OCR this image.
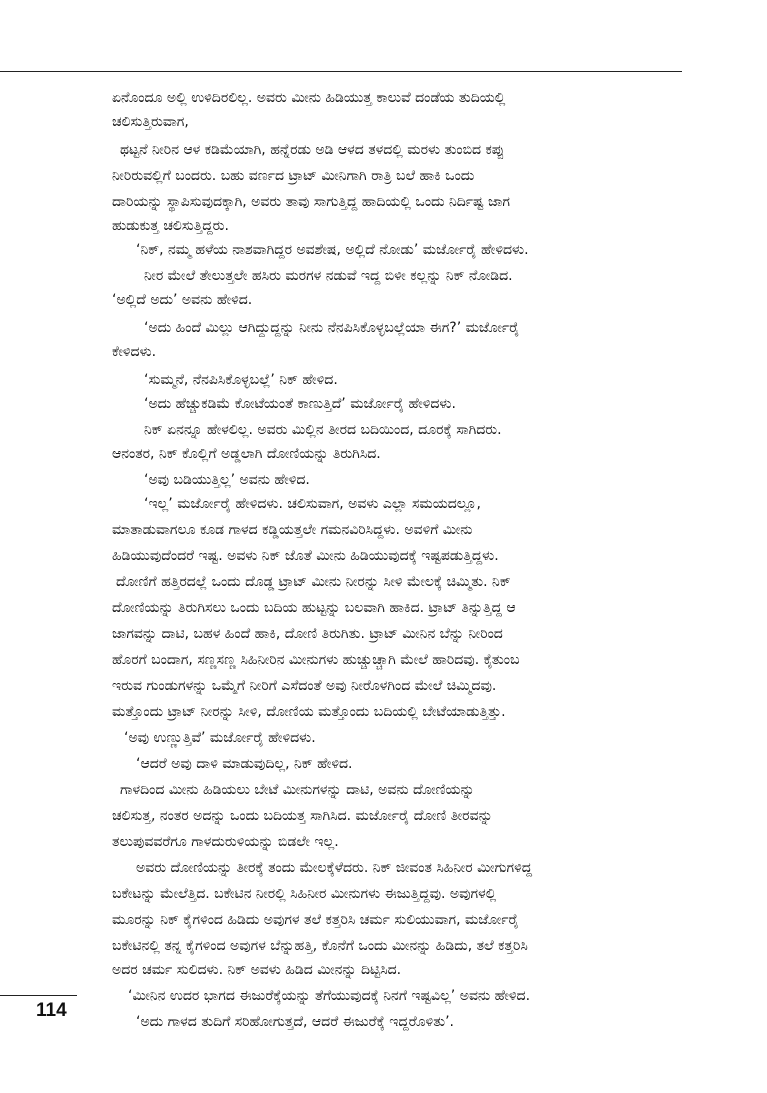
ಏನೊಂದೂ ಅಲ್ಲಿ ಉಳಿದಿರಲಿಲ್ಲ. ಅವರು ಮೀನು ಹಿಡಿಯುತ್ತ ಕಾಲುವೆ ದಂಡೆಯ ತುದಿಯಲ್ಲಿ
ಚಲಿಸುತ್ತಿರುವಾಗ,
ಥಟ್ಟನೆ ನೀರಿನ ಆಳ ಕಡಿಮೆಯಾಗಿ, ಹನ್ನೆರಡು ಅಡಿ ಆಳದ ತಳದಲ್ಲಿ ಮರಳು ತುಂಬಿದ ಕಪ್ಪು
ನೀರಿರುವಲ್ಲಿಗೆ ಬಂದರು. ಬಹು ವರ್ಣದ ಟ್ರಾಟ್ ಮೀನಿಗಾಗಿ ರಾತ್ರಿ ಬಲೆ ಹಾಕಿ ಒಂದು
ದಾರಿಯನ್ನು ಸ್ಥಾಪಿಸುವುದಕ್ಕಾಗಿ, ಅವರು ತಾವು ಸಾಗುತ್ತಿದ್ದ ಹಾದಿಯಲ್ಲಿ ಒಂದು ನಿರ್ದಿಷ್ಟ ಜಾಗ
ಹುಡುಕುತ್ತ ಚಲಿಸುತ್ತಿದ್ದರು.
‘ನಿಕ್, ನಮ್ಮ ಹಳೆಯ ನಾಶವಾಗಿದ್ದರ ಅವಶೇಷ, ಅಲ್ಲಿದೆ ನೋಡು’ ಮರ್ಜೋರೈ ಹೇಳಿದಳು.
ನೀರ ಮೇಲೆ ತೇಲುತ್ತಲೇ ಹಸಿರು ಮರಗಳ ನಡುವೆ ಇದ್ದ ಬಿಳೀ ಕಲ್ಲನ್ನು ನಿಕ್ ನೋಡಿದ.
‘ಅಲ್ಲಿದೆ ಅದು’ ಅವನು ಹೇಳಿದ.
‘ಅದು ಹಿಂದೆ ಮಿಲ್ಲು ಆಗಿದ್ದುದ್ದನ್ನು ನೀನು ನೆನಪಿಸಿಕೊಳ್ಳಬಲ್ಲೆಯಾ ಈಗ?’ ಮರ್ಜೋರೈ
ಕೇಳಿದಳು.
‘ಸುಮ್ಮನೆ, ನೆನಪಿಸಿಕೊಳ್ಳಬಲ್ಲೆ’ ನಿಕ್ ಹೇಳಿದ.
‘ಅದು ಹೆಚ್ಚುಕಡಿಮೆ ಕೋಟೆಯಂತೆ ಕಾಣುತ್ತಿದೆ’ ಮರ್ಜೋರೈ ಹೇಳಿದಳು.
ನಿಕ್ ಏನನ್ನೂ ಹೇಳಲಿಲ್ಲ. ಅವರು ಮಿಲ್ಲಿನ ತೀರದ ಬದಿಯಿಂದ, ದೂರಕ್ಕೆ ಸಾಗಿದರು.
ಆನಂತರ, ನಿಕ್ ಕೊಲ್ಲಿಗೆ ಅಡ್ಡಲಾಗಿ ದೋಣಿಯನ್ನು ತಿರುಗಿಸಿದ.
‘ಅವು ಬಡಿಯುತ್ತಿಲ್ಲ’ ಅವನು ಹೇಳಿದ.
‘ಇಲ್ಲ’ ಮರ್ಜೋರೈ ಹೇಳಿದಳು. ಚಲಿಸುವಾಗ, ಅವಳು ಎಲ್ಲಾ ಸಮಯದಲ್ಲೂ,
ಮಾತಾಡುವಾಗಲೂ ಕೂಡ ಗಾಳದ ಕಡ್ಡಿಯತ್ತಲೇ ಗಮನವಿರಿಸಿದ್ದಳು. ಅವಳಿಗೆ ಮೀನು
ಹಿಡಿಯುವುದೆಂದರೆ ಇಷ್ಟ. ಅವಳು ನಿಕ್ ಜೊತೆ ಮೀನು ಹಿಡಿಯುವುದಕ್ಕೆ ಇಷ್ಟಪಡುತ್ತಿದ್ದಳು.
ದೋಣಿಗೆ ಹತ್ತಿರದಲ್ಲೆ ಒಂದು ದೊಡ್ಡ ಟ್ರಾಟ್ ಮೀನು ನೀರನ್ನು ಸೀಳಿ ಮೇಲಕ್ಕೆ ಚಿಮ್ಮಿತು. ನಿಕ್
ದೋಣಿಯನ್ನು ತಿರುಗಿಸಲು ಒಂದು ಬದಿಯ ಹುಟ್ಟನ್ನು ಬಲವಾಗಿ ಹಾಕಿದ. ಟ್ರಾಟ್ ತಿನ್ನುತ್ತಿದ್ದ ಆ
ಜಾಗವನ್ನು ದಾಟಿ, ಬಹಳ ಹಿಂದೆ ಹಾಕಿ, ದೋಣಿ ತಿರುಗಿತು. ಟ್ರಾಟ್ ಮೀನಿನ ಬೆನ್ನು ನೀರಿಂದ
ಹೊರಗೆ ಬಂದಾಗ, ಸಣ್ಣಸಣ್ಣ ಸಿಹಿನೀರಿನ ಮೀನುಗಳು ಹುಚ್ಚುಚ್ಚಾಗಿ ಮೇಲೆ ಹಾರಿದವು. ಕೈತುಂಬ
ಇರುವ ಗುಂಡುಗಳನ್ನು ಒಮ್ಮೆಗೆ ನೀರಿಗೆ ಎಸೆದಂತೆ ಅವು ನೀರೊಳಗಿಂದ ಮೇಲೆ ಚಿಮ್ಮಿದವು.
ಮತ್ತೊಂದು ಟ್ರಾಟ್ ನೀರನ್ನು ಸೀಳಿ, ದೋಣಿಯ ಮತ್ತೊಂದು ಬದಿಯಲ್ಲಿ ಬೇಟೆಯಾಡುತ್ತಿತ್ತು.
‘ಅವು ಉಣ್ಣುತ್ತಿವೆ’ ಮರ್ಜೋರೈ ಹೇಳಿದಳು.
‘ಆದರೆ ಅವು ದಾಳಿ ಮಾಡುವುದಿಲ್ಲ, ನಿಕ್ ಹೇಳಿದ.
ಗಾಳದಿಂದ ಮೀನು ಹಿಡಿಯಲು ಬೇಟೆ ಮೀನುಗಳನ್ನು ದಾಟಿ, ಅವನು ದೋಣಿಯನ್ನು
ಚಲಿಸುತ್ತ, ನಂತರ ಅದನ್ನು ಒಂದು ಬದಿಯತ್ತ ಸಾಗಿಸಿದ. ಮರ್ಜೋರೈ ದೋಣಿ ತೀರವನ್ನು
ತಲುಪುವವರೆಗೂ ಗಾಳದುರುಳಿಯನ್ನು ಬಿಡಲೇ ಇಲ್ಲ.
ಅವರು ದೋಣಿಯನ್ನು ತೀರಕ್ಕೆ ತಂದು ಮೇಲಕ್ಕೆಳೆದರು. ನಿಕ್ ಜೀವಂತ ಸಿಹಿನೀರ ಮೀಗುಗಳಿದ್ದ
ಬಕೇಟನ್ನು ಮೇಲೆತ್ತಿದ. ಬಕೇಟಿನ ನೀರಲ್ಲಿ ಸಿಹಿನೀರ ಮೀನುಗಳು ಈಜುತ್ತಿದ್ದವು. ಅವುಗಳಲ್ಲಿ
ಮೂರನ್ನು ನಿಕ್ ಕೈಗಳಿಂದ ಹಿಡಿದು ಅವುಗಳ ತಲೆ ಕತ್ತರಿಸಿ ಚರ್ಮ ಸುಲಿಯುವಾಗ, ಮರ್ಜೋರೈ
ಬಕೇಟಿನಲ್ಲಿ ತನ್ನ ಕೈಗಳಿಂದ ಅವುಗಳ ಬೆನ್ನುಹತ್ತಿ, ಕೊನೆಗೆ ಒಂದು ಮೀನನ್ನು ಹಿಡಿದು, ತಲೆ ಕತ್ತರಿಸಿ
ಅದರ ಚರ್ಮ ಸುಲಿದಳು. ನಿಕ್ ಅವಳು ಹಿಡಿದ ಮೀನನ್ನು ದಿಟ್ಟಿಸಿದ.
‘ಮೀನಿನ ಉದರ ಭಾಗದ ಈಜುರೆಕ್ಕೆಯನ್ನು ತೆಗೆಯುವುದಕ್ಕೆ ನಿನಗೆ ಇಷ್ಟವಿಲ್ಲ’ ಅವನು ಹೇಳಿದ.
‘ಅದು ಗಾಳದ ತುದಿಗೆ ಸರಿಹೋಗುತ್ತದೆ, ಆದರೆ ಈಜುರೆಕ್ಕೆ ಇದ್ದರೊಳಿತು’.
114
